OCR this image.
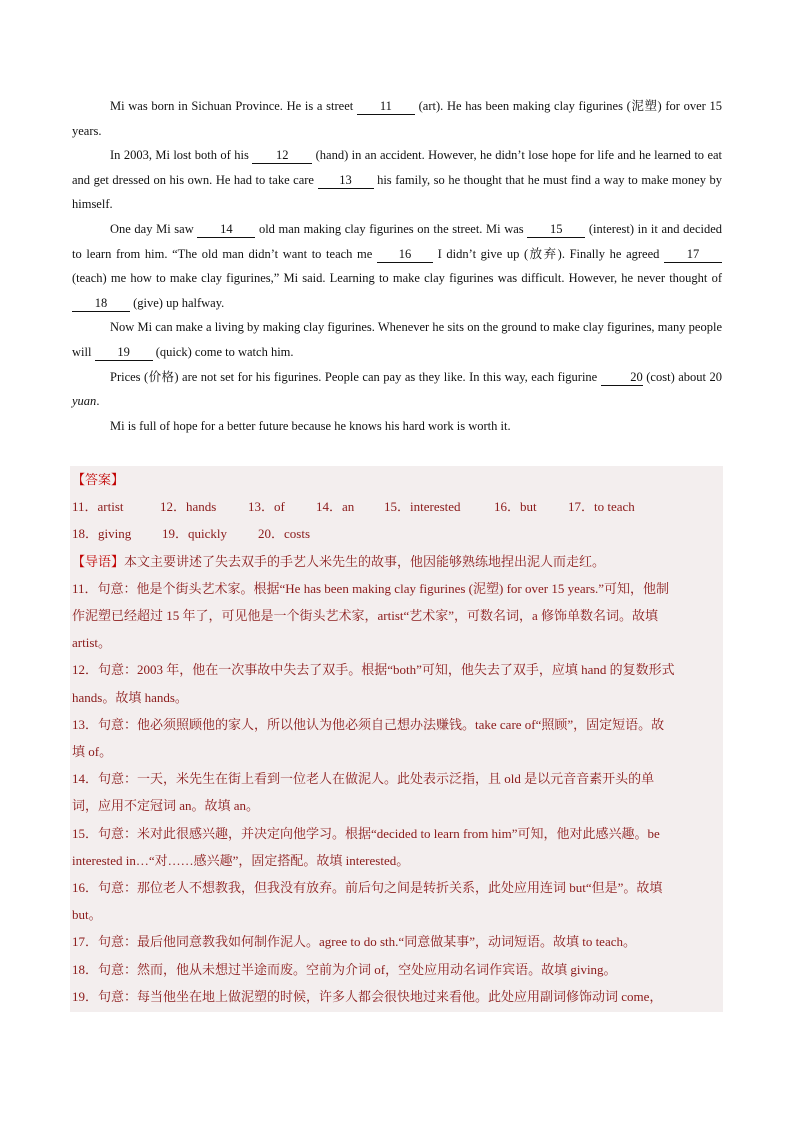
Mi was born in Sichuan Province. He is a street 11 (art). He has been making clay figurines (泥塑) for over 15 years.

In 2003, Mi lost both of his 12 (hand) in an accident. However, he didn’t lose hope for life and he learned to eat and get dressed on his own. He had to take care 13 his family, so he thought that he must find a way to make money by himself.

One day Mi saw 14 old man making clay figurines on the street. Mi was 15 (interest) in it and decided to learn from him. “The old man didn’t want to teach me 16 I didn’t give up (放弃). Finally he agreed 17 (teach) me how to make clay figurines,” Mi said. Learning to make clay figurines was difficult. However, he never thought of 18 (give) up halfway.

Now Mi can make a living by making clay figurines. Whenever he sits on the ground to make clay figurines, many people will 19 (quick) come to watch him.

Prices (价格) are not set for his figurines. People can pay as they like. In this way, each figurine	20 (cost) about 20 yuan.

Mi is full of hope for a better future because he knows his hard work is worth it.

【答案】
11．artist	12．hands 13．of 14．an 15．interested	16．but 17．to teach
18．giving 19．quickly 20．costs
【导语】本文主要讲述了失去双手的手艺人米先生的故事，他因能够熟练地捏出泥人而走红。
11．句意：他是个街头艺术家。根据“He has been making clay figurines (泥塑) for over 15 years.”可知，他制
作泥塑已经超过 15 年了，可见他是一个街头艺术家，artist“艺术家”，可数名词，a 修饰单数名词。故填
artist。
12．句意：2003 年，他在一次事故中失去了双手。根据“both”可知，他失去了双手，应填 hand 的复数形式
hands。故填 hands。
13．句意：他必须照顾他的家人，所以他认为他必须自己想办法赚钱。take care of“照顾”，固定短语。故
填 of。
14．句意：一天，米先生在街上看到一位老人在做泥人。此处表示泛指，且 old 是以元音音素开头的单
词，应用不定冠词 an。故填 an。
15．句意：米对此很感兴趣，并决定向他学习。根据“decided to learn from him”可知，他对此感兴趣。be
interested in…“对……感兴趣”，固定搭配。故填 interested。
16．句意：那位老人不想教我，但我没有放弃。前后句之间是转折关系，此处应用连词 but“但是”。故填
but。
17．句意：最后他同意教我如何制作泥人。agree to do sth.“同意做某事”，动词短语。故填 to teach。
18．句意：然而，他从未想过半途而废。空前为介词 of，空处应用动名词作宾语。故填 giving。
19．句意：每当他坐在地上做泥塑的时候，许多人都会很快地过来看他。此处应用副词修饰动词 come，
